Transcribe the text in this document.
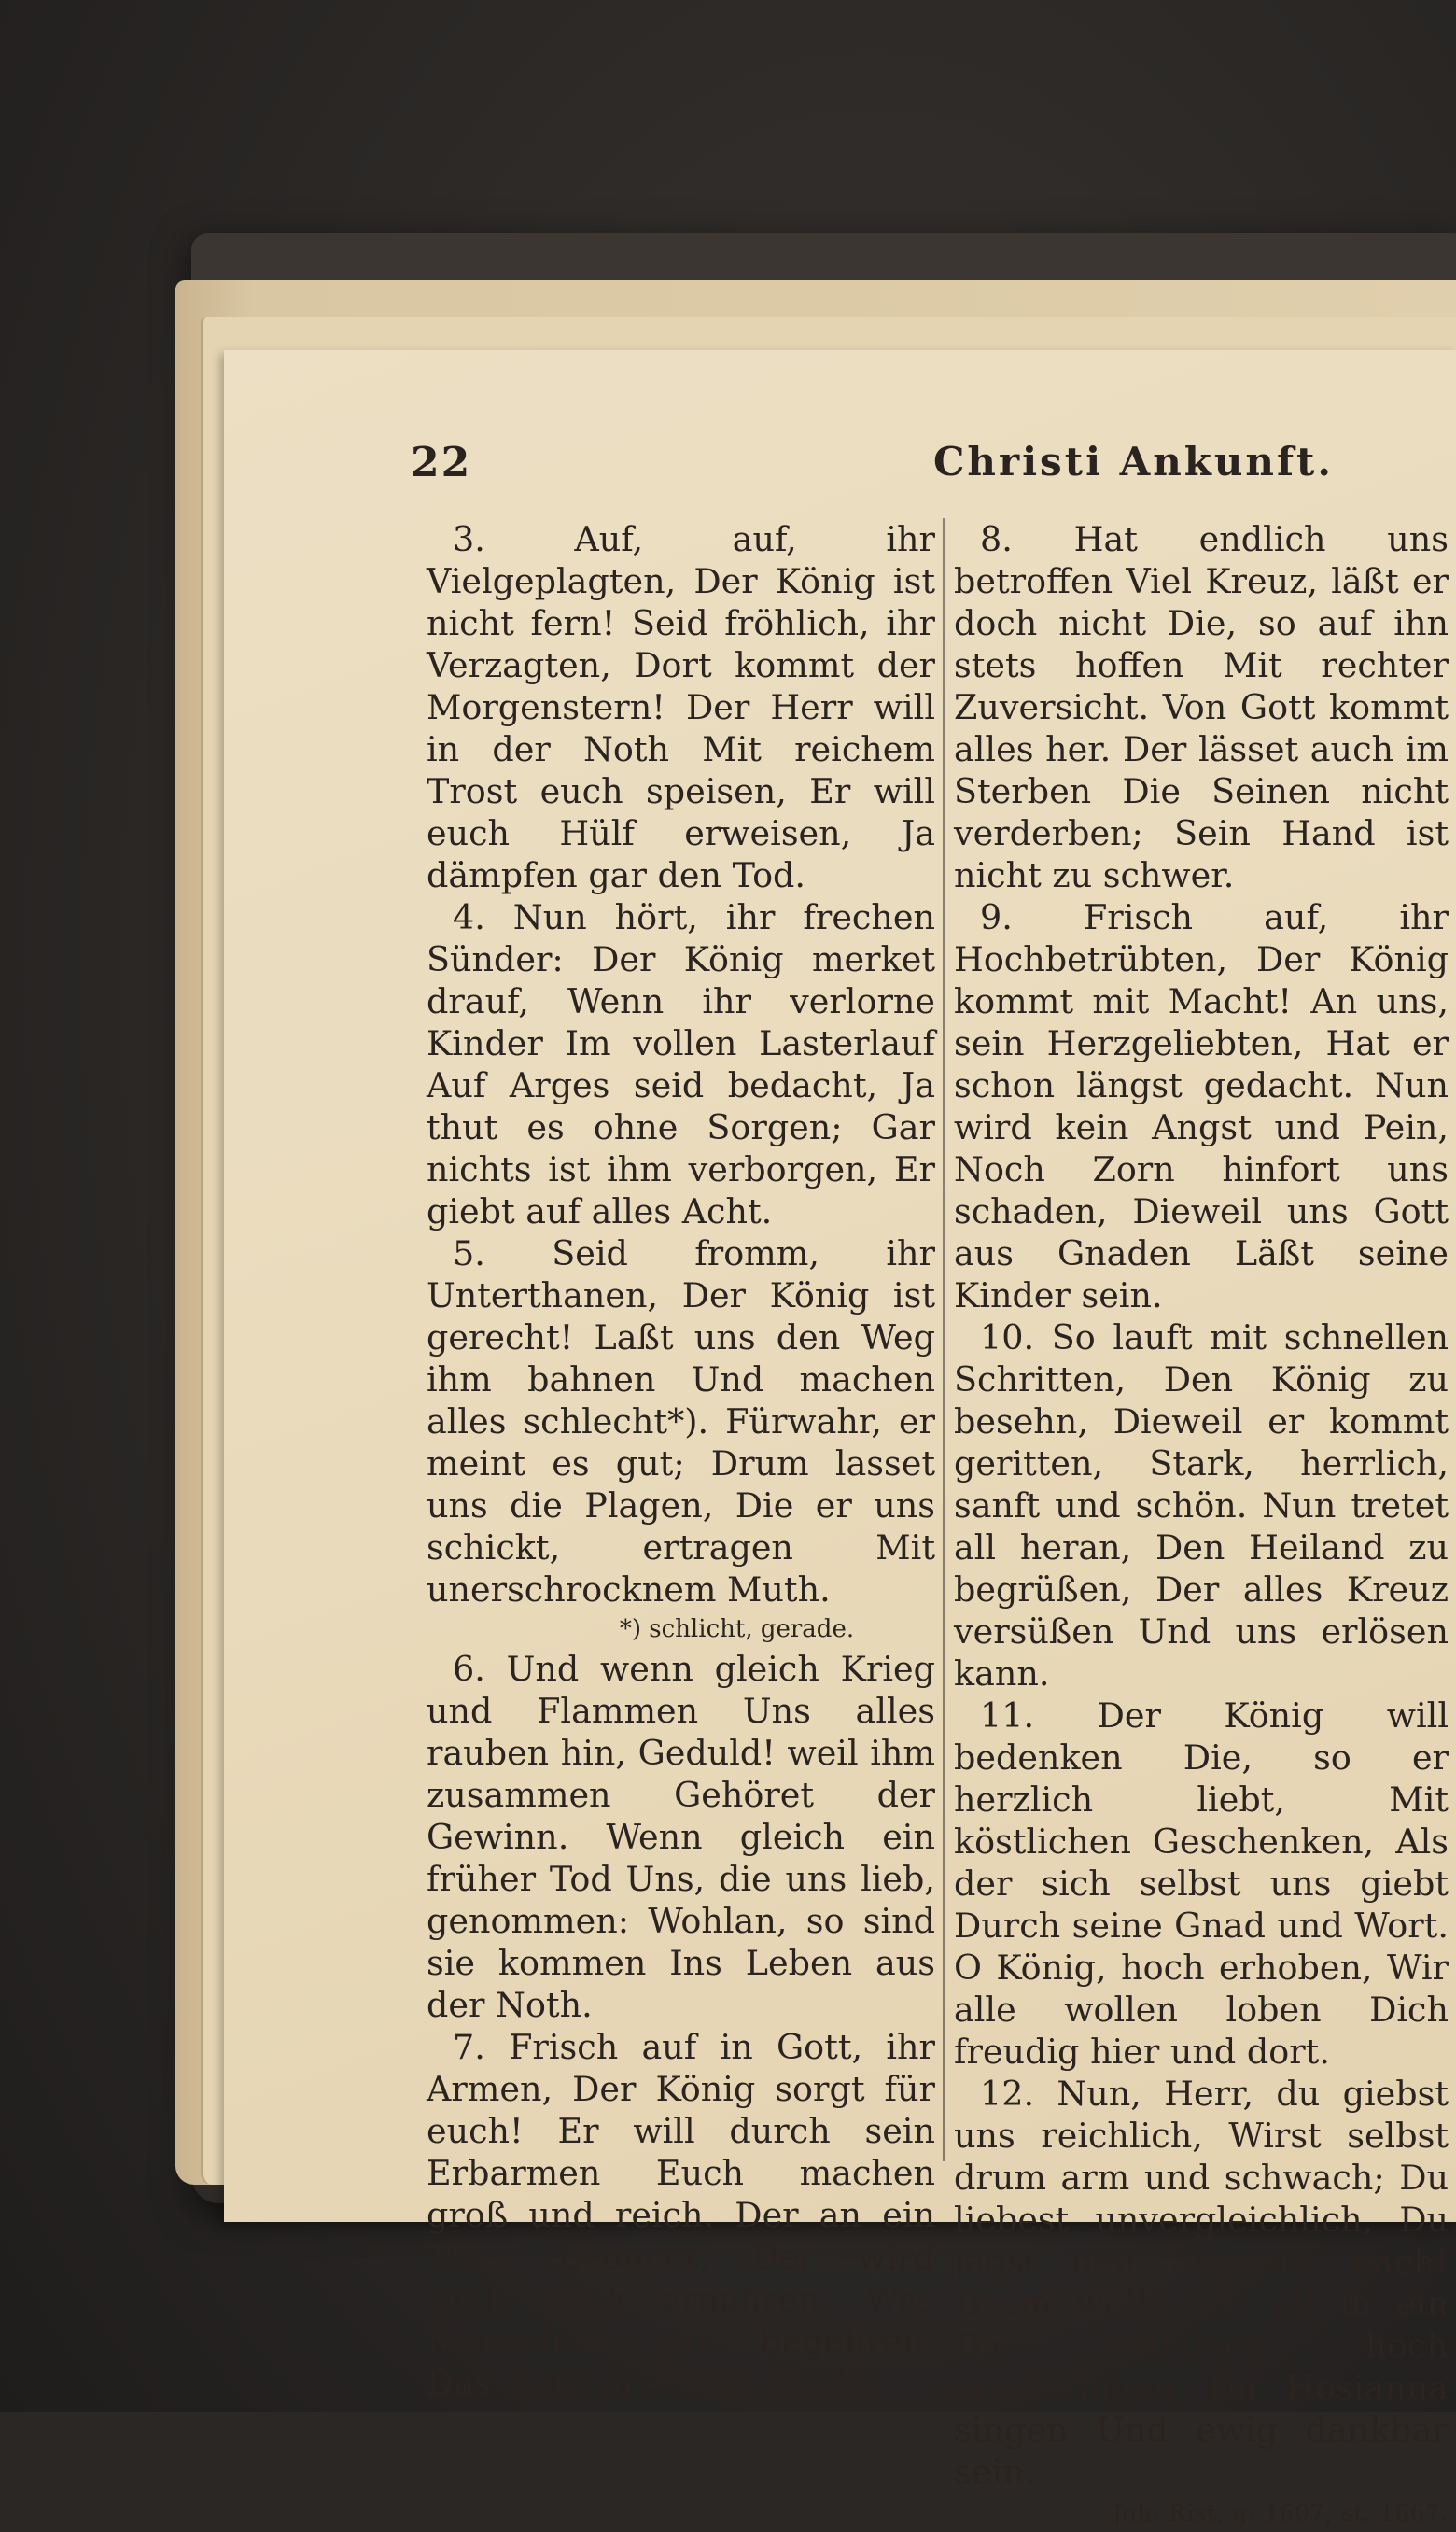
22	Christi Ankunft.

3.	Auf, auf, ihr Vielgeplagten, Der König ist nicht fern! Seid fröhlich, ihr Verzagten, Dort kommt der Morgenstern! Der Herr will in der Noth Mit reichem Trost euch speisen, Er will euch Hülf erweisen, Ja dämpfen gar den Tod.

4. Nun hört, ihr frechen Sünder: Der König merket drauf, Wenn ihr verlorne Kinder Im vollen Lasterlauf Auf Arges seid bedacht, Ja thut es ohne Sorgen; Gar nichts ist ihm verborgen, Er giebt auf alles Acht.

5. Seid fromm, ihr Unterthanen, Der König ist gerecht! Laßt uns den Weg ihm bahnen Und machen alles schlecht*). Fürwahr, er meint es gut; Drum lasset uns die Plagen, Die er uns schickt, ertragen Mit unerschrocknem Muth.

*) schlicht, gerade.

6. Und wenn gleich Krieg und Flammen Uns alles rauben hin, Geduld! weil ihm zusammen Gehöret der Gewinn. Wenn gleich ein früher Tod Uns, die uns lieb, genommen: Wohlan, so sind sie kommen Ins Leben aus der Noth.

7. Frisch auf in Gott, ihr Armen, Der König sorgt für euch! Er will durch sein Erbarmen Euch machen groß und reich. Der an ein Thier gedacht, Der wird auch euch ernähren; Was Menschen nur begehren, Das steht in seiner Macht.

8. Hat endlich uns betroffen Viel Kreuz, läßt er doch nicht Die, so auf ihn stets hoffen Mit rechter Zuversicht. Von Gott kommt alles her. Der lässet auch im Sterben Die Seinen nicht verderben; Sein Hand ist nicht zu schwer.

9. Frisch auf, ihr Hochbetrübten, Der König kommt mit Macht! An uns, sein Herzgeliebten, Hat er schon längst gedacht. Nun wird kein Angst und Pein, Noch Zorn hinfort uns schaden, Dieweil uns Gott aus Gnaden Läßt seine Kinder sein.

10. So lauft mit schnellen Schritten, Den König zu besehn, Dieweil er kommt geritten, Stark, herrlich, sanft und schön. Nun tretet all heran, Den Heiland zu begrüßen, Der alles Kreuz versüßen Und uns erlösen kann.

11. Der König will bedenken Die, so er herzlich liebt, Mit köstlichen Geschenken, Als der sich selbst uns giebt Durch seine Gnad und Wort. O König, hoch erhoben, Wir alle wollen loben Dich freudig hier und dort.

12. Nun, Herr, du giebst uns reichlich, Wirst selbst drum arm und schwach; Du liebest unvergleichlich, Du jagst den Sündern nach! Drum wolln wir all in ein Die Stimmen hoch erschwingen, Dir Hosianna singen Und ewig dankbar sein.

Joh. Rist, g. 1607, st. 1667.
